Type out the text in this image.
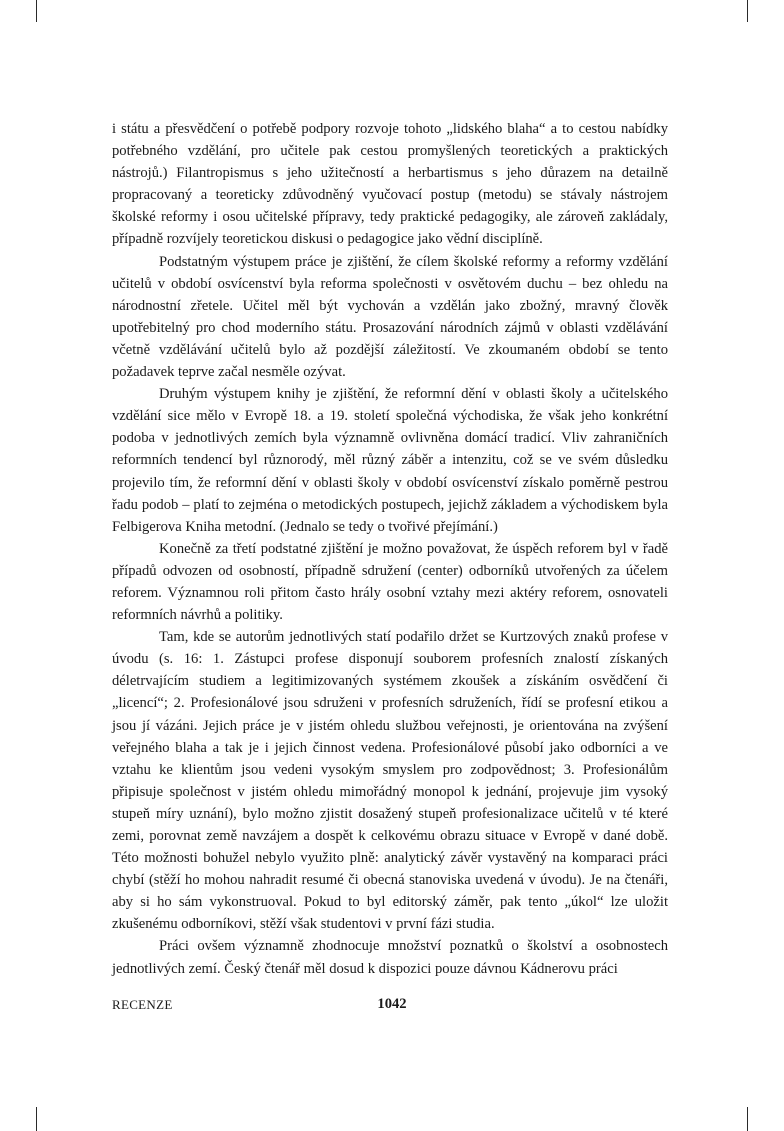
i státu a přesvědčení o potřebě podpory rozvoje tohoto „lidského blaha“ a to cestou nabídky potřebného vzdělání, pro učitele pak cestou promyšlených teoretických a praktických nástrojů.) Filantropismus s jeho užitečností a herbartismus s jeho důrazem na detailně propracovaný a teoreticky zdůvodněný vyučovací postup (metodu) se stávaly nástrojem školské reformy i osou učitelské přípravy, tedy praktické pedagogiky, ale zároveň zakládaly, případně rozvíjely teoretickou diskusi o pedagogice jako vědní disciplíně.

Podstatným výstupem práce je zjištění, že cílem školské reformy a reformy vzdělání učitelů v období osvícenství byla reforma společnosti v osvětovém duchu – bez ohledu na národnostní zřetele. Učitel měl být vychován a vzdělán jako zbožný, mravný člověk upotřebitelný pro chod moderního státu. Prosazování národních zájmů v oblasti vzdělávání včetně vzdělávání učitelů bylo až pozdější záležitostí. Ve zkoumaném období se tento požadavek teprve začal nesměle ozývat.

Druhým výstupem knihy je zjištění, že reformní dění v oblasti školy a učitelského vzdělání sice mělo v Evropě 18. a 19. století společná východiska, že však jeho konkrétní podoba v jednotlivých zemích byla významně ovlivněna domácí tradicí. Vliv zahraničních reformních tendencí byl různorodý, měl různý záběr a intenzitu, což se ve svém důsledku projevilo tím, že reformní dění v oblasti školy v období osvícenství získalo poměrně pestrou řadu podob – platí to zejména o metodických postupech, jejichž základem a východiskem byla Felbigerova Kniha metodní. (Jednalo se tedy o tvořivé přejímání.)

Konečně za třetí podstatné zjištění je možno považovat, že úspěch reforem byl v řadě případů odvozen od osobností, případně sdružení (center) odborníků utvořených za účelem reforem. Významnou roli přitom často hrály osobní vztahy mezi aktéry reforem, osnovateli reformních návrhů a politiky.

Tam, kde se autorům jednotlivých statí podařilo držet se Kurtzových znaků profese v úvodu (s. 16: 1. Zástupci profese disponují souborem profesních znalostí získaných déletrvajícím studiem a legitimizovaných systémem zkoušek a získáním osvědčení či „licencí“; 2. Profesionálové jsou sdruženi v profesních sdruženích, řídí se profesní etikou a jsou jí vázáni. Jejich práce je v jistém ohledu službou veřejnosti, je orientována na zvýšení veřejného blaha a tak je i jejich činnost vedena. Profesionálové působí jako odborníci a ve vztahu ke klientům jsou vedeni vysokým smyslem pro zodpovědnost; 3. Profesionálům připisuje společnost v jistém ohledu mimořádný monopol k jednání, projevuje jim vysoký stupeň míry uznání), bylo možno zjistit dosažený stupeň profesionalizace učitelů v té které zemi, porovnat země navzájem a dospět k celkovému obrazu situace v Evropě v dané době. Této možnosti bohužel nebylo využito plně: analytický závěr vystavěný na komparaci práci chybí (stěží ho mohou nahradit resumé či obecná stanoviska uvedená v úvodu). Je na čtenáři, aby si ho sám vykonstruoval. Pokud to byl editorský záměr, pak tento „úkol“ lze uložit zkušenému odborníkovi, stěží však studentovi v první fázi studia.

Práci ovšem významně zhodnocuje množství poznatků o školství a osobnostech jednotlivých zemí. Český čtenář měl dosud k dispozici pouze dávnou Kádnerovu práci

RECENZE	1042
